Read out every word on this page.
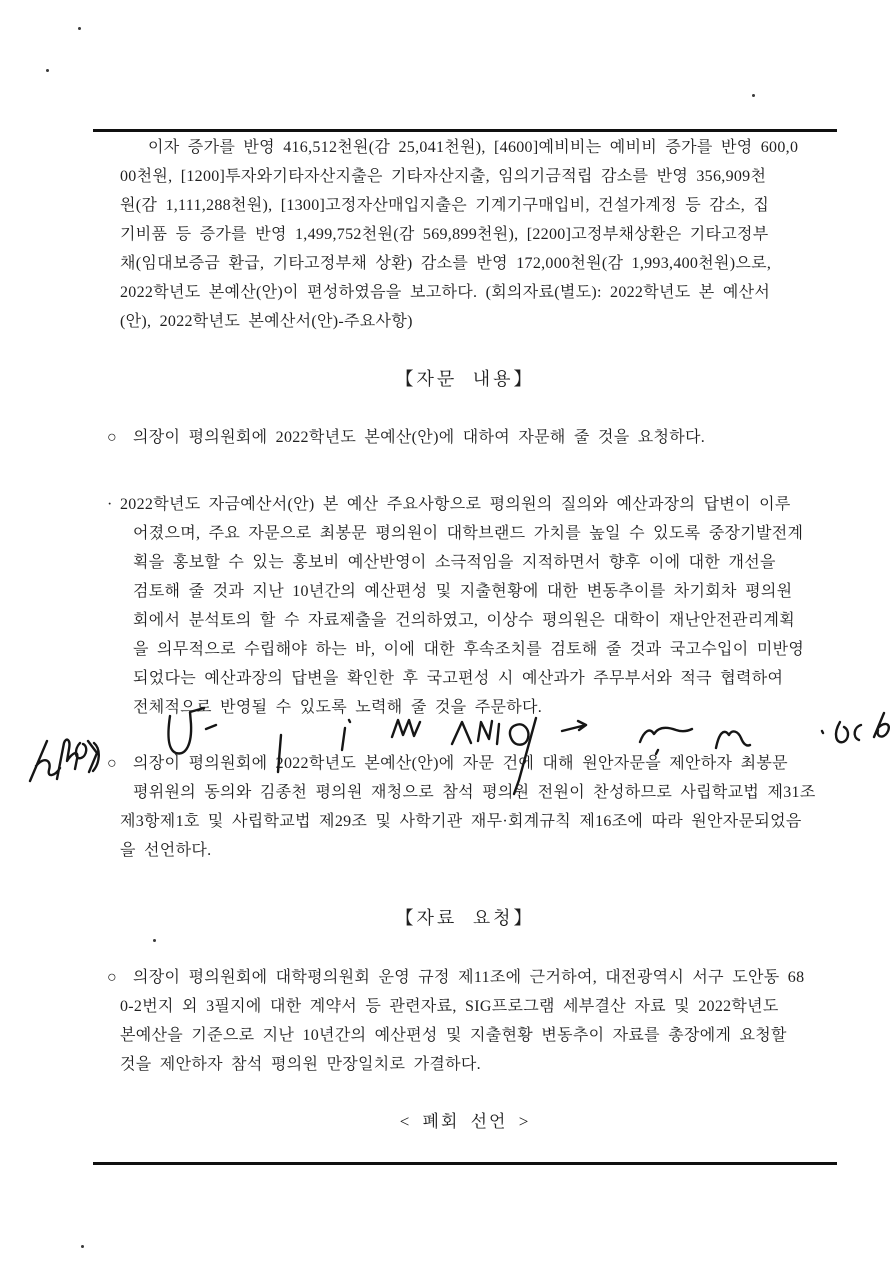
이자 증가를 반영 416,512천원(감 25,041천원), [4600]예비비는 예비비 증가를 반영 600,0
00천원, [1200]투자와기타자산지출은 기타자산지출, 임의기금적립 감소를 반영 356,909천
원(감 1,111,288천원), [1300]고정자산매입지출은 기계기구매입비, 건설가계정 등 감소, 집
기비품 등 증가를 반영 1,499,752천원(감 569,899천원), [2200]고정부채상환은 기타고정부
채(임대보증금 환급, 기타고정부채 상환) 감소를 반영 172,000천원(감 1,993,400천원)으로,
2022학년도 본예산(안)이 편성하였음을 보고하다. (회의자료(별도): 2022학년도 본 예산서
(안), 2022학년도 본예산서(안)-주요사항)
【자문 내용】
○ 의장이 평의원회에 2022학년도 본예산(안)에 대하여 자문해 줄 것을 요청하다.
· 2022학년도 자금예산서(안) 본 예산 주요사항으로 평의원의 질의와 예산과장의 답변이 이루
어졌으며, 주요 자문으로 최봉문 평의원이 대학브랜드 가치를 높일 수 있도록 중장기발전계
획을 홍보할 수 있는 홍보비 예산반영이 소극적임을 지적하면서 향후 이에 대한 개선을
검토해 줄 것과 지난 10년간의 예산편성 및 지출현황에 대한 변동추이를 차기회차 평의원
회에서 분석토의 할 수 자료제출을 건의하였고, 이상수 평의원은 대학이 재난안전관리계획
을 의무적으로 수립해야 하는 바, 이에 대한 후속조치를 검토해 줄 것과 국고수입이 미반영
되었다는 예산과장의 답변을 확인한 후 국고편성 시 예산과가 주무부서와 적극 협력하여
전체적으로 반영될 수 있도록 노력해 줄 것을 주문하다.
○ 의장이 평의원회에 2022학년도 본예산(안)에 자문 건에 대해 원안자문을 제안하자 최봉문
평위원의 동의와 김종천 평의원 재청으로 참석 평의원 전원이 찬성하므로 사립학교법 제31조
제3항제1호 및 사립학교법 제29조 및 사학기관 재무·회계규칙 제16조에 따라 원안자문되었음
을 선언하다.
【자료 요청】
○ 의장이 평의원회에 대학평의원회 운영 규정 제11조에 근거하여, 대전광역시 서구 도안동 68
0-2번지 외 3필지에 대한 계약서 등 관련자료, SIG프로그램 세부결산 자료 및 2022학년도
본예산을 기준으로 지난 10년간의 예산편성 및 지출현황 변동추이 자료를 총장에게 요청할
것을 제안하자 참석 평의원 만장일치로 가결하다.
< 폐회 선언 >
